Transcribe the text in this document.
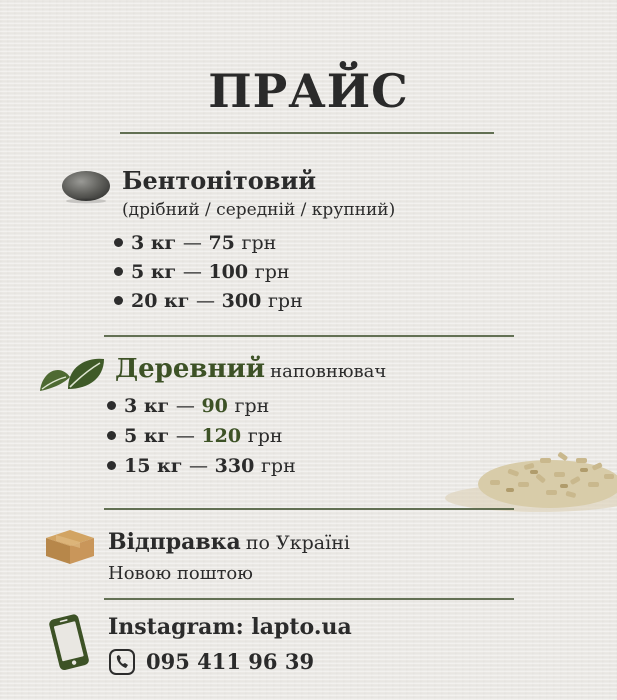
ПРАЙС
Бентонітовий
(дрібний / середній / крупний)
3 кг — 75 грн
5 кг — 100 грн
20 кг — 300 грн
Деревний наповнювач
3 кг — 90 грн
5 кг — 120 грн
15 кг — 330 грн
Відправка по Україні
Новою поштою
Instagram: lapto.ua
095 411 96 39
